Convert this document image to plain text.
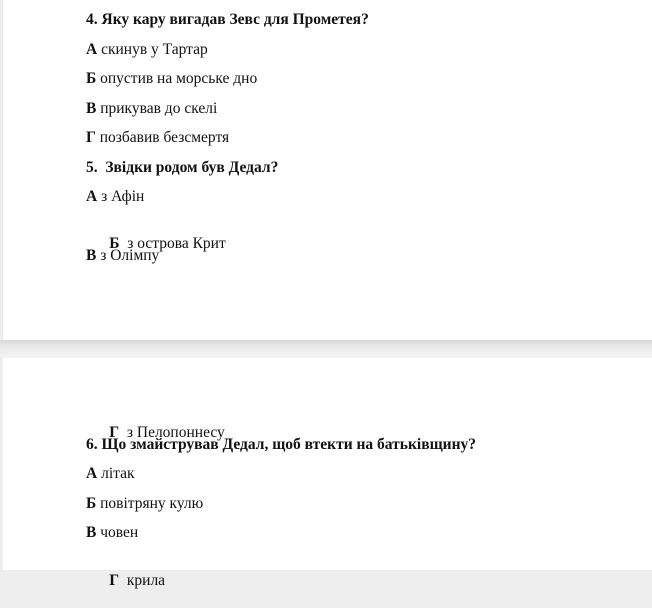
4. Яку кару вигадав Зевс для Прометея?
А скинув у Тартар
Б опустив на морське дно
В прикував до скелі
Г позбавив безсмертя
5.  Звідки родом був Дедал?
А з Афін

Б  з острова Крит

В з Олімпу

Г  з Пелопоннесу

6. Що змайстрував Дедал, щоб втекти на батьківщину?
А літак
Б повітряну кулю
В човен

Г  крила
